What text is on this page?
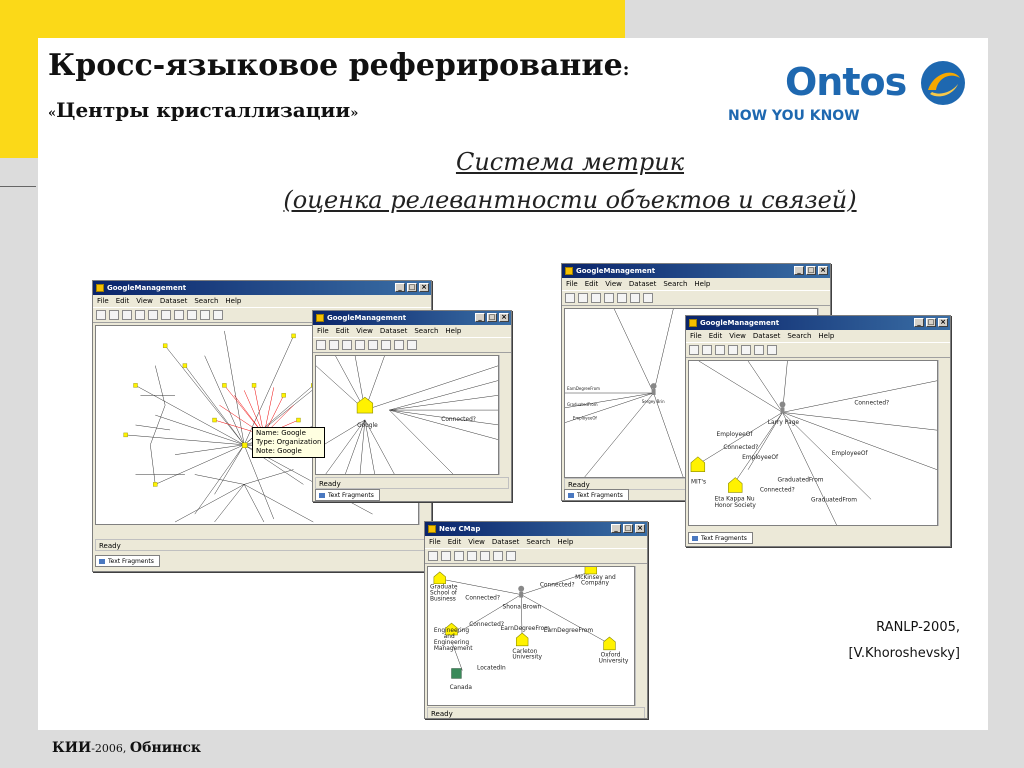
Кросс-языковое реферирование:
«Центры кристаллизации»
Система метрик
(оценка релевантности объектов и связей)
Ontos
NOW YOU KNOW
GoogleManagement	_ □ ×
File Edit View Dataset Search Help
Ready
Text Fragments
GoogleManagement	_ □ ×
File Edit View Dataset Search Help
Google
Connected?
Ready
Text Fragments
Name: Google
Type: Organization
Note: Google
GoogleManagement	_ □ ×
File Edit View Dataset Search Help
Sergey Brin
EarnDegreeFrom
GraduatedFrom
EmployeeOf
Ready
Text Fragments
GoogleManagement	_ □ ×
File Edit View Dataset Search Help
Larry Page
Connected?
EmployeeOf
Connected?
EmployeeOf
EmployeeOf
GraduatedFrom
Connected?
GraduatedFrom
MIT's
Eta Kappa Nu
Honor Society
Text Fragments
New CMap	_ □ ×
File Edit View Dataset Search Help
Shona Brown
Graduate
School of
Business
McKinsey and
Company
Connected?
Connected?
Connected?
EarnDegreeFrom
EarnDegreeFrom
Engineering
and
Engineering
Management	Carleton
University	Oxford
University
LocatedIn
Canada
Ready
RANLP-2005,
[V.Khoroshevsky]
КИИ-2006, Обнинск
